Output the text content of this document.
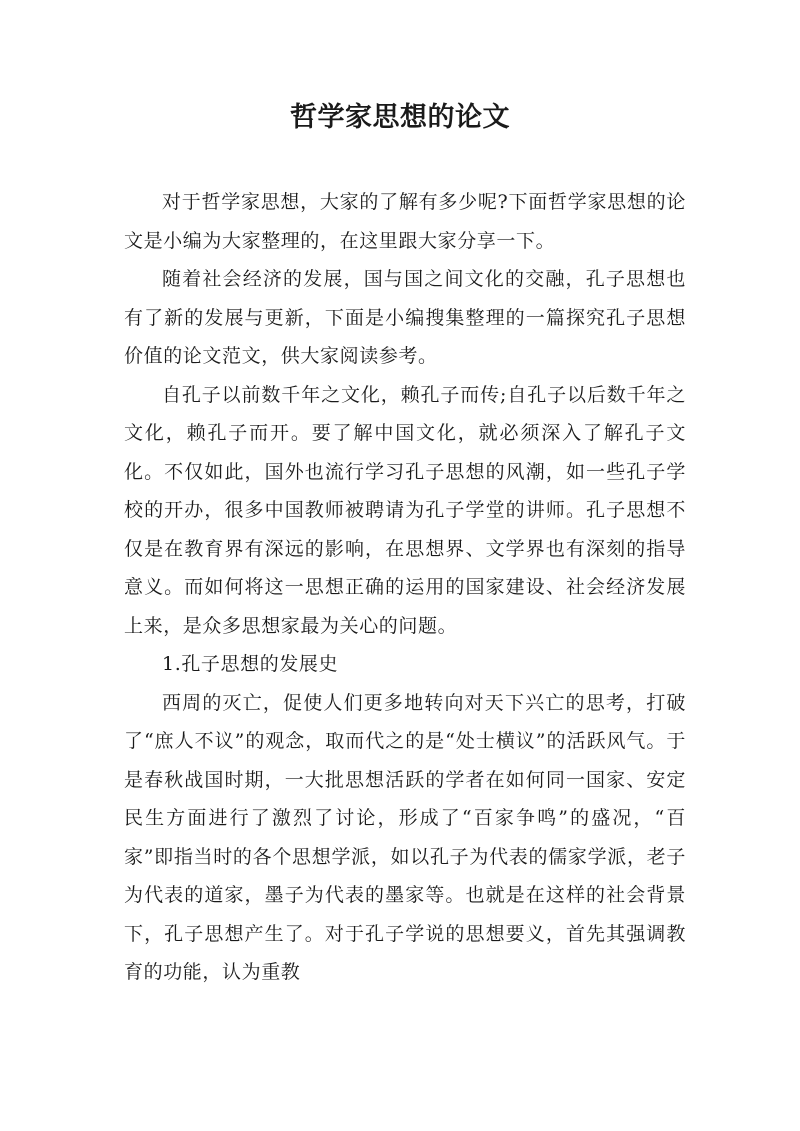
哲学家思想的论文

对于哲学家思想，大家的了解有多少呢?下面哲学家思想的论文是小编为大家整理的，在这里跟大家分享一下。

随着社会经济的发展，国与国之间文化的交融，孔子思想也有了新的发展与更新，下面是小编搜集整理的一篇探究孔子思想价值的论文范文，供大家阅读参考。

自孔子以前数千年之文化，赖孔子而传;自孔子以后数千年之文化，赖孔子而开。要了解中国文化，就必须深入了解孔子文化。不仅如此，国外也流行学习孔子思想的风潮，如一些孔子学校的开办，很多中国教师被聘请为孔子学堂的讲师。孔子思想不仅是在教育界有深远的影响，在思想界、文学界也有深刻的指导意义。而如何将这一思想正确的运用的国家建设、社会经济发展上来，是众多思想家最为关心的问题。

1.孔子思想的发展史

西周的灭亡，促使人们更多地转向对天下兴亡的思考，打破了“庶人不议”的观念，取而代之的是“处士横议”的活跃风气。于是春秋战国时期，一大批思想活跃的学者在如何同一国家、安定民生方面进行了激烈了讨论，形成了“百家争鸣”的盛况，“百家”即指当时的各个思想学派，如以孔子为代表的儒家学派，老子为代表的道家，墨子为代表的墨家等。也就是在这样的社会背景下，孔子思想产生了。对于孔子学说的思想要义，首先其强调教育的功能，认为重教
